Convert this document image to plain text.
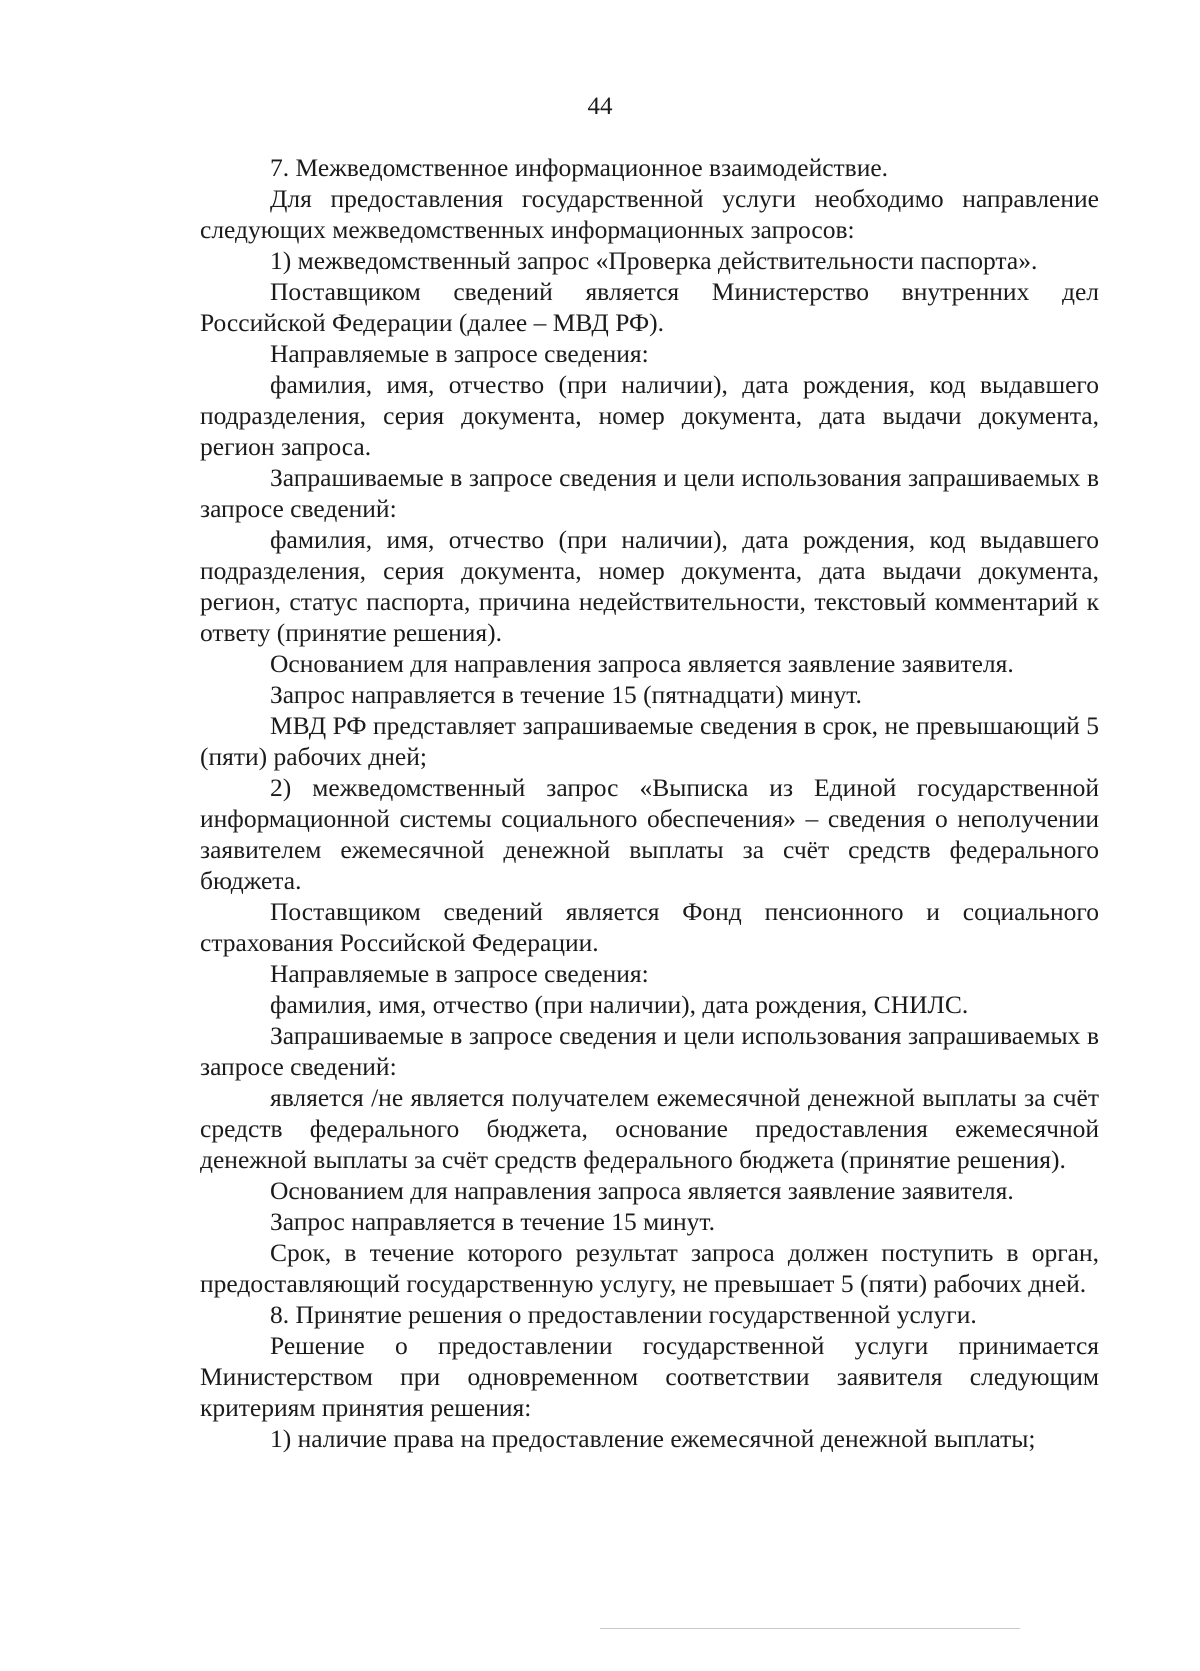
44

7. Межведомственное информационное взаимодействие.

Для предоставления государственной услуги необходимо направление следующих межведомственных информационных запросов:

1) межведомственный запрос «Проверка действительности паспорта».

Поставщиком сведений является Министерство внутренних дел Российской Федерации (далее – МВД РФ).

Направляемые в запросе сведения:

фамилия, имя, отчество (при наличии), дата рождения, код выдавшего подразделения, серия документа, номер документа, дата выдачи документа, регион запроса.

Запрашиваемые в запросе сведения и цели использования запрашиваемых в запросе сведений:

фамилия, имя, отчество (при наличии), дата рождения, код выдавшего подразделения, серия документа, номер документа, дата выдачи документа, регион, статус паспорта, причина недействительности, текстовый комментарий к ответу (принятие решения).

Основанием для направления запроса является заявление заявителя.

Запрос направляется в течение 15 (пятнадцати) минут.

МВД РФ представляет запрашиваемые сведения в срок, не превышающий 5 (пяти) рабочих дней;

2) межведомственный запрос «Выписка из Единой государственной информационной системы социального обеспечения» – сведения о неполучении заявителем ежемесячной денежной выплаты за счёт средств федерального бюджета.

Поставщиком сведений является Фонд пенсионного и социального страхования Российской Федерации.

Направляемые в запросе сведения:

фамилия, имя, отчество (при наличии), дата рождения, СНИЛС.

Запрашиваемые в запросе сведения и цели использования запрашиваемых в запросе сведений:

является /не является получателем ежемесячной денежной выплаты за счёт средств федерального бюджета, основание предоставления ежемесячной денежной выплаты за счёт средств федерального бюджета (принятие решения).

Основанием для направления запроса является заявление заявителя.

Запрос направляется в течение 15 минут.

Срок, в течение которого результат запроса должен поступить в орган, предоставляющий государственную услугу, не превышает 5 (пяти) рабочих дней.

8. Принятие решения о предоставлении государственной услуги.

Решение о предоставлении государственной услуги принимается Министерством при одновременном соответствии заявителя следующим критериям принятия решения:

1) наличие права на предоставление ежемесячной денежной выплаты;
